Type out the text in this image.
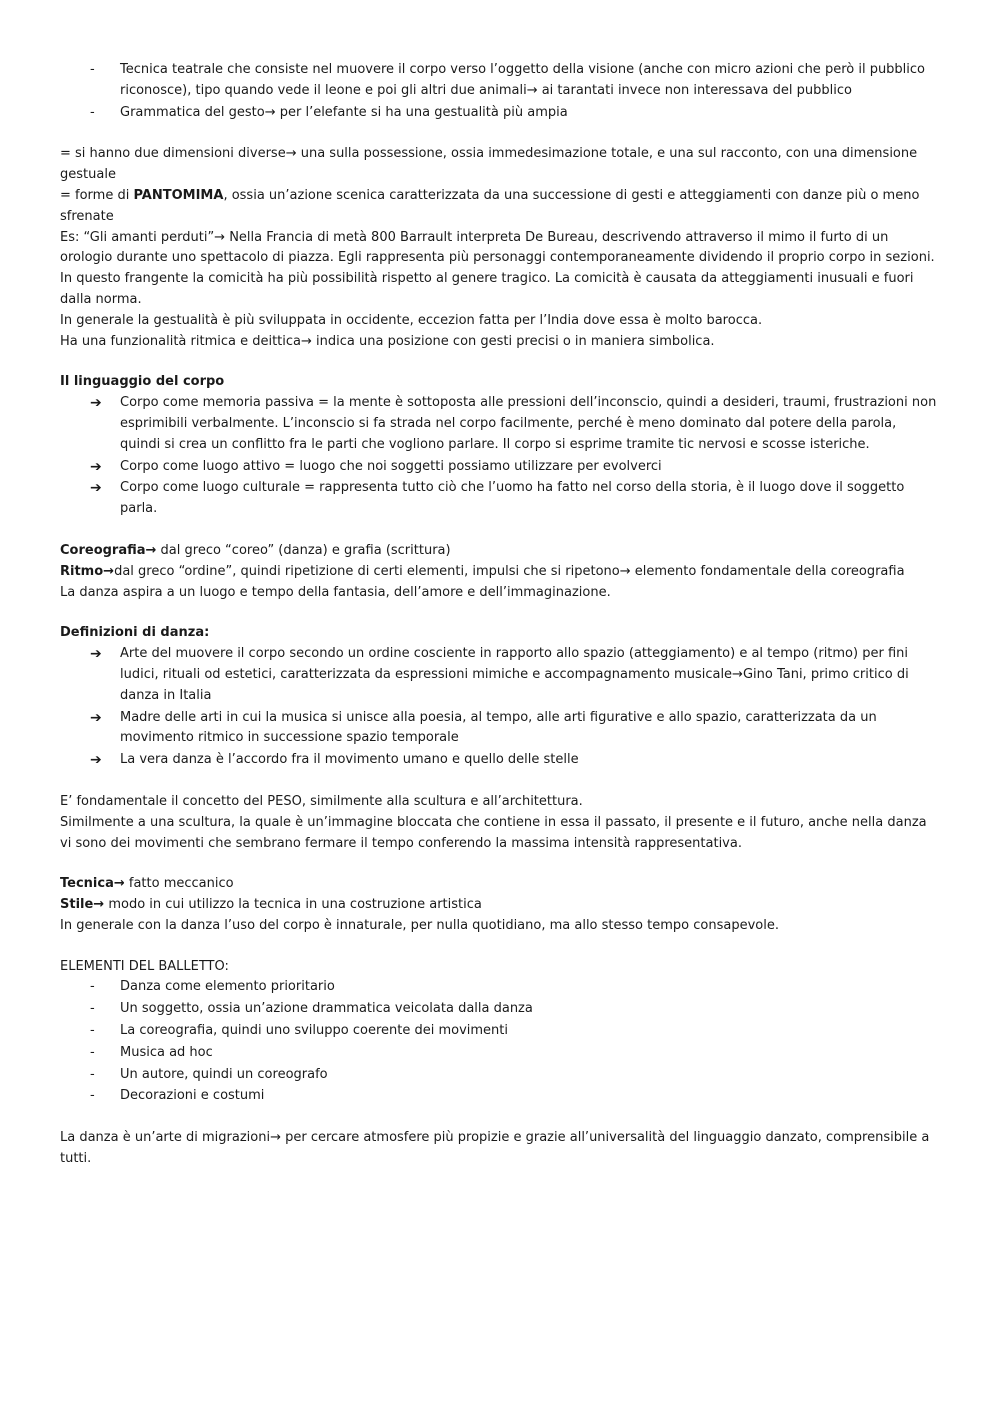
-	Tecnica teatrale che consiste nel muovere il corpo verso l’oggetto della visione (anche con micro azioni che però il pubblico riconosce), tipo quando vede il leone e poi gli altri due animali→ ai tarantati invece non interessava del pubblico
-	Grammatica del gesto→ per l’elefante si ha una gestualità più ampia

= si hanno due dimensioni diverse→ una sulla possessione, ossia immedesimazione totale, e una sul racconto, con una dimensione gestuale

= forme di PANTOMIMA, ossia un’azione scenica caratterizzata da una successione di gesti e atteggiamenti con danze più o meno sfrenate

Es: “Gli amanti perduti”→ Nella Francia di metà 800 Barrault interpreta De Bureau, descrivendo attraverso il mimo il furto di un orologio durante uno spettacolo di piazza. Egli rappresenta più personaggi contemporaneamente dividendo il proprio corpo in sezioni. In questo frangente la comicità ha più possibilità rispetto al genere tragico. La comicità è causata da atteggiamenti inusuali e fuori dalla norma.

In generale la gestualità è più sviluppata in occidente, eccezion fatta per l’India dove essa è molto barocca.

Ha una funzionalità ritmica e deittica→ indica una posizione con gesti precisi o in maniera simbolica.

Il linguaggio del corpo

➔	Corpo come memoria passiva = la mente è sottoposta alle pressioni dell’inconscio, quindi a desideri, traumi, frustrazioni non esprimibili verbalmente. L’inconscio si fa strada nel corpo facilmente, perché è meno dominato dal potere della parola, quindi si crea un conflitto fra le parti che vogliono parlare. Il corpo si esprime tramite tic nervosi e scosse isteriche.
➔	Corpo come luogo attivo = luogo che noi soggetti possiamo utilizzare per evolverci
➔	Corpo come luogo culturale = rappresenta tutto ciò che l’uomo ha fatto nel corso della storia, è il luogo dove il soggetto parla.

Coreografia→ dal greco “coreo” (danza) e grafia (scrittura)

Ritmo→dal greco “ordine”, quindi ripetizione di certi elementi, impulsi che si ripetono→ elemento fondamentale della coreografia

La danza aspira a un luogo e tempo della fantasia, dell’amore e dell’immaginazione.

Definizioni di danza:

➔	Arte del muovere il corpo secondo un ordine cosciente in rapporto allo spazio (atteggiamento) e al tempo (ritmo) per fini ludici, rituali od estetici, caratterizzata da espressioni mimiche e accompagnamento musicale→Gino Tani, primo critico di danza in Italia
➔	Madre delle arti in cui la musica si unisce alla poesia, al tempo, alle arti figurative e allo spazio, caratterizzata da un movimento ritmico in successione spazio temporale
➔	La vera danza è l’accordo fra il movimento umano e quello delle stelle

E’ fondamentale il concetto del PESO, similmente alla scultura e all’architettura.

Similmente a una scultura, la quale è un’immagine bloccata che contiene in essa il passato, il presente e il futuro, anche nella danza vi sono dei movimenti che sembrano fermare il tempo conferendo la massima intensità rappresentativa.

Tecnica→ fatto meccanico

Stile→ modo in cui utilizzo la tecnica in una costruzione artistica

In generale con la danza l’uso del corpo è innaturale, per nulla quotidiano, ma allo stesso tempo consapevole.

ELEMENTI DEL BALLETTO:

-	Danza come elemento prioritario
-	Un soggetto, ossia un’azione drammatica veicolata dalla danza
-	La coreografia, quindi uno sviluppo coerente dei movimenti
-	Musica ad hoc
-	Un autore, quindi un coreografo
-	Decorazioni e costumi

La danza è un’arte di migrazioni→ per cercare atmosfere più propizie e grazie all’universalità del linguaggio danzato, comprensibile a tutti.
